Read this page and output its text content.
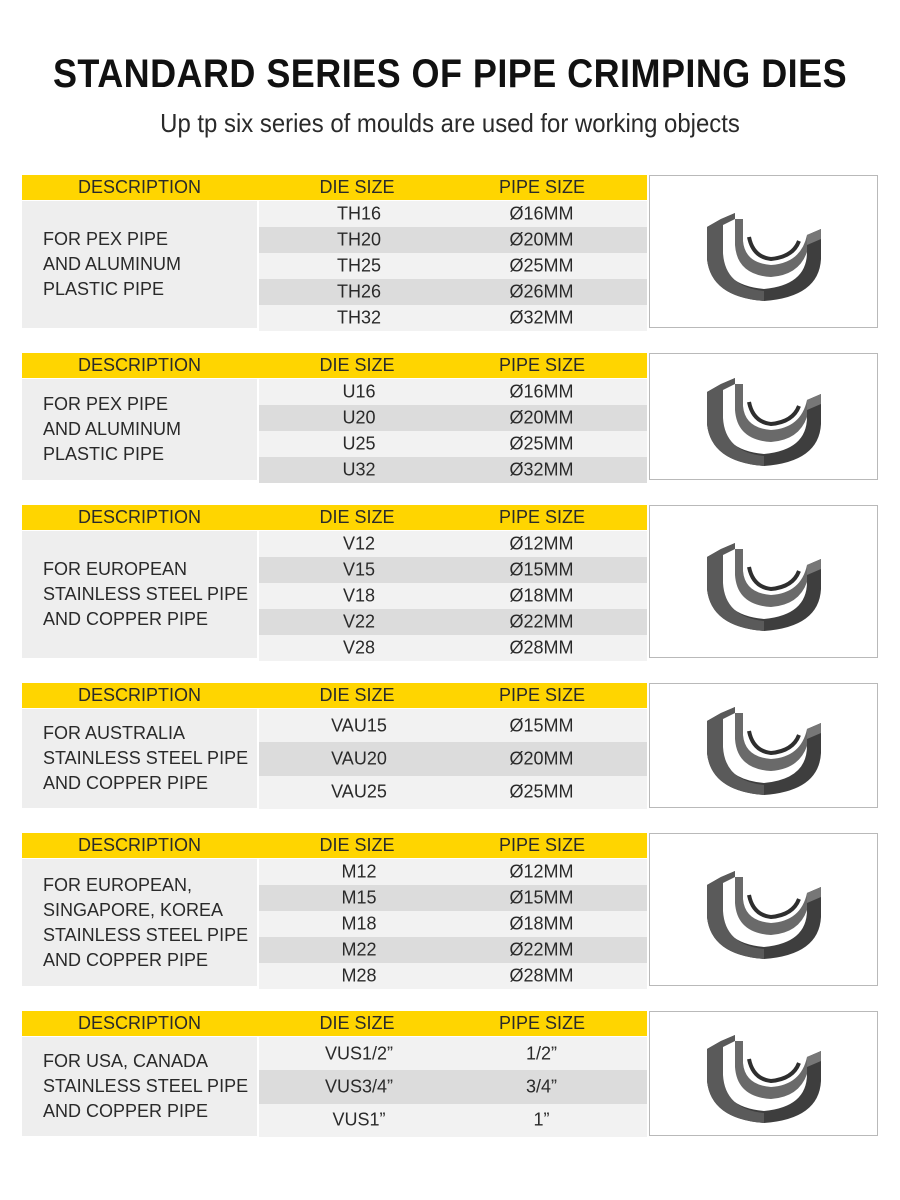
STANDARD SERIES OF PIPE CRIMPING DIES
Up tp six series of moulds are used for working objects
DESCRIPTION	DIE SIZE	PIPE SIZE
FOR PEX PIPE
AND ALUMINUM
PLASTIC PIPE
TH16	Ø16MM
TH20	Ø20MM
TH25	Ø25MM
TH26	Ø26MM
TH32	Ø32MM
DESCRIPTION	DIE SIZE	PIPE SIZE
FOR PEX PIPE
AND ALUMINUM
PLASTIC PIPE
U16	Ø16MM
U20	Ø20MM
U25	Ø25MM
U32	Ø32MM
DESCRIPTION	DIE SIZE	PIPE SIZE
FOR EUROPEAN
STAINLESS STEEL PIPE
AND COPPER PIPE
V12	Ø12MM
V15	Ø15MM
V18	Ø18MM
V22	Ø22MM
V28	Ø28MM
DESCRIPTION	DIE SIZE	PIPE SIZE
FOR AUSTRALIA
STAINLESS STEEL PIPE
AND COPPER PIPE
VAU15	Ø15MM
VAU20	Ø20MM
VAU25	Ø25MM
DESCRIPTION	DIE SIZE	PIPE SIZE
FOR EUROPEAN,
SINGAPORE, KOREA
STAINLESS STEEL PIPE
AND COPPER PIPE
M12	Ø12MM
M15	Ø15MM
M18	Ø18MM
M22	Ø22MM
M28	Ø28MM
DESCRIPTION	DIE SIZE	PIPE SIZE
FOR USA, CANADA
STAINLESS STEEL PIPE
AND COPPER PIPE
VUS1/2”	1/2”
VUS3/4”	3/4”
VUS1”	1”
